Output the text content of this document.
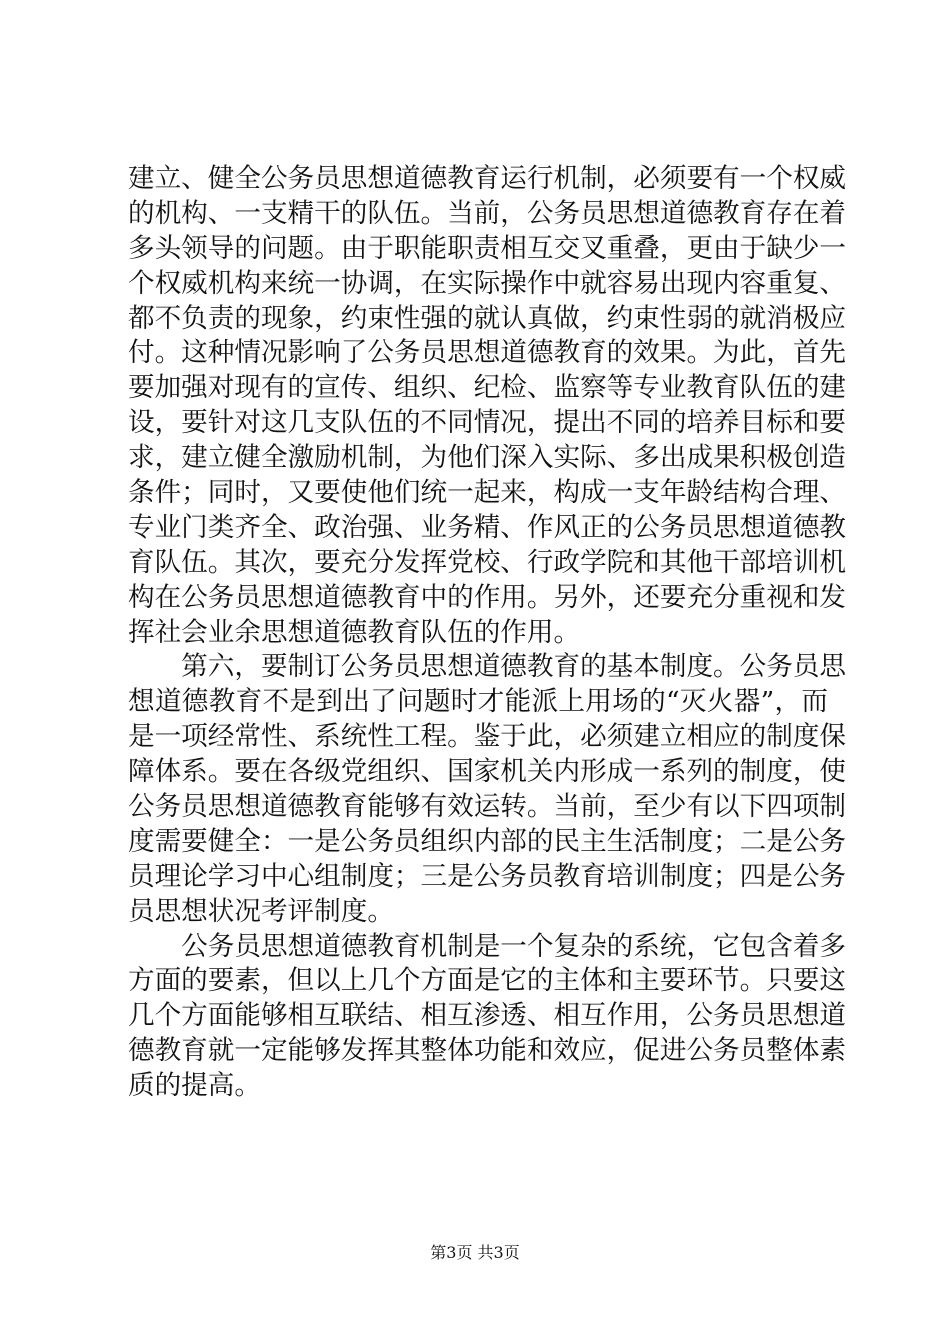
建立、健全公务员思想道德教育运行机制，必须要有一个权威
的机构、一支精干的队伍。当前，公务员思想道德教育存在着
多头领导的问题。由于职能职责相互交叉重叠，更由于缺少一
个权威机构来统一协调，在实际操作中就容易出现内容重复、
都不负责的现象，约束性强的就认真做，约束性弱的就消极应
付。这种情况影响了公务员思想道德教育的效果。为此，首先
要加强对现有的宣传、组织、纪检、监察等专业教育队伍的建
设，要针对这几支队伍的不同情况，提出不同的培养目标和要
求，建立健全激励机制，为他们深入实际、多出成果积极创造
条件；同时，又要使他们统一起来，构成一支年龄结构合理、
专业门类齐全、政治强、业务精、作风正的公务员思想道德教
育队伍。其次，要充分发挥党校、行政学院和其他干部培训机
构在公务员思想道德教育中的作用。另外，还要充分重视和发
挥社会业余思想道德教育队伍的作用。
　　第六，要制订公务员思想道德教育的基本制度。公务员思
想道德教育不是到出了问题时才能派上用场的“灭火器”，而
是一项经常性、系统性工程。鉴于此，必须建立相应的制度保
障体系。要在各级党组织、国家机关内形成一系列的制度，使
公务员思想道德教育能够有效运转。当前，至少有以下四项制
度需要健全：一是公务员组织内部的民主生活制度；二是公务
员理论学习中心组制度；三是公务员教育培训制度；四是公务
员思想状况考评制度。
　　公务员思想道德教育机制是一个复杂的系统，它包含着多
方面的要素，但以上几个方面是它的主体和主要环节。只要这
几个方面能够相互联结、相互渗透、相互作用，公务员思想道
德教育就一定能够发挥其整体功能和效应，促进公务员整体素
质的提高。
第3页 共3页
